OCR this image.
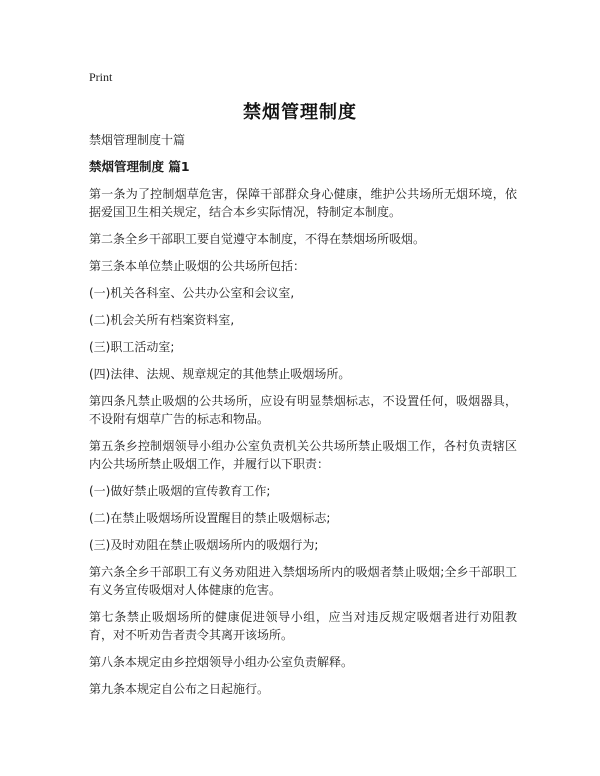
Print
禁烟管理制度

禁烟管理制度十篇

禁烟管理制度 篇1

第一条为了控制烟草危害，保障干部群众身心健康，维护公共场所无烟环境，依据爱国卫生相关规定，结合本乡实际情况，特制定本制度。

第二条全乡干部职工要自觉遵守本制度，不得在禁烟场所吸烟。

第三条本单位禁止吸烟的公共场所包括：

(一)机关各科室、公共办公室和会议室,

(二)机会关所有档案资料室,

(三)职工活动室;

(四)法律、法规、规章规定的其他禁止吸烟场所。

第四条凡禁止吸烟的公共场所，应设有明显禁烟标志，不设置任何，吸烟器具，不设附有烟草广告的标志和物品。

第五条乡控制烟领导小组办公室负责机关公共场所禁止吸烟工作，各村负责辖区内公共场所禁止吸烟工作，并履行以下职责：

(一)做好禁止吸烟的宣传教育工作;

(二)在禁止吸烟场所设置醒目的禁止吸烟标志;

(三)及时劝阻在禁止吸烟场所内的吸烟行为;

第六条全乡干部职工有义务劝阻进入禁烟场所内的吸烟者禁止吸烟;全乡干部职工有义务宣传吸烟对人体健康的危害。

第七条禁止吸烟场所的健康促进领导小组，应当对违反规定吸烟者进行劝阻教育，对不听劝告者责令其离开该场所。

第八条本规定由乡控烟领导小组办公室负责解释。

第九条本规定自公布之日起施行。
